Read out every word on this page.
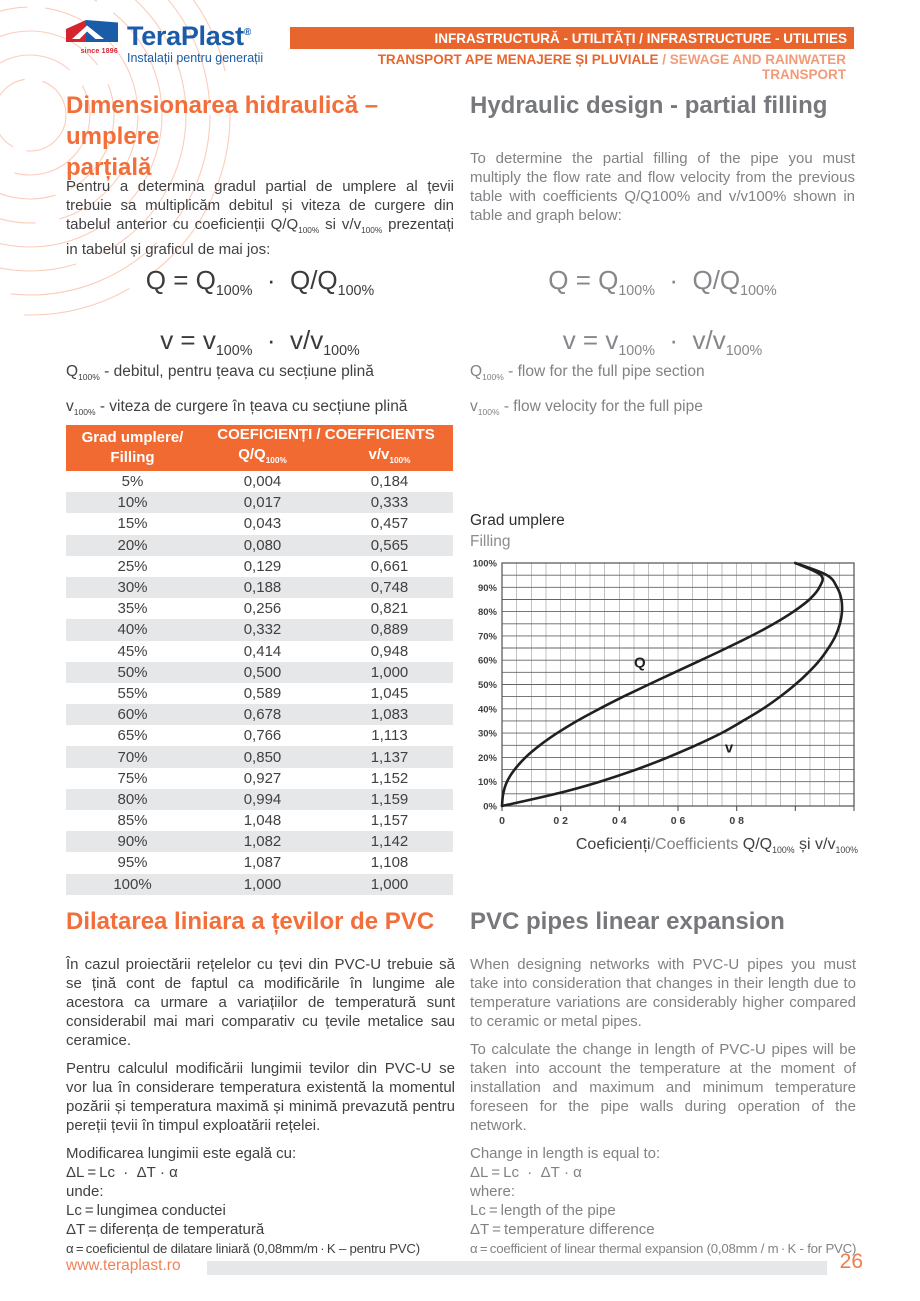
since 1896
TeraPlast®
Instalații pentru generații
INFRASTRUCTURĂ - UTILITĂȚI / INFRASTRUCTURE - UTILITIES
TRANSPORT APE MENAJERE ȘI PLUVIALE / SEWAGE AND RAINWATER TRANSPORT
Dimensionarea hidraulică – umplere
parțială
Hydraulic design - partial filling
Pentru a determina gradul partial de umplere al țevii trebuie sa multiplicăm debitul și viteza de curgere din tabelul anterior cu coeficienții $Q/Q_{100\%}$ si $v/v_{100\%}$ prezentați in tabelul și graficul de mai jos:
To determine the partial filling of the pipe you must multiply the flow rate and flow velocity from the previous table with coefficients Q/Q100% and v/v100% shown in table and graph below:
$Q = Q_{100\%} \cdot Q/Q_{100\%}$
$v = v_{100\%} \cdot v/v_{100\%}$
$Q = Q_{100\%} \cdot Q/Q_{100\%}$
$v = v_{100\%} \cdot v/v_{100\%}$
$Q_{100\%}$ - debitul, pentru țeava cu secțiune plină
$v_{100\%}$ - viteza de curgere în țeava cu secțiune plină
$Q_{100\%}$ - flow for the full pipe section
$v_{100\%}$ - flow velocity for the full pipe
Grad umplere/
Filling	COEFICIENȚI / COEFFICIENTS	
	$Q/Q_{100\%}$	$v/v_{100\%}$
5%	0,004	0,184
10%	0,017	0,333
15%	0,043	0,457
20%	0,080	0,565
25%	0,129	0,661
30%	0,188	0,748
35%	0,256	0,821
40%	0,332	0,889
45%	0,414	0,948
50%	0,500	1,000
55%	0,589	1,045
60%	0,678	1,083
65%	0,766	1,113
70%	0,850	1,137
75%	0,927	1,152
80%	0,994	1,159
85%	1,048	1,157
90%	1,082	1,142
95%	1,087	1,108
100%	1,000	1,000
Grad umplere
Filling
0	0 2	0 4	0 6	0 8
0%
10%
20%
30%
40%
50%
60%
70%
80%
90%
100%
Q
v
Coeficienți/Coefficients $Q/Q_{100\%}$ și $v/v_{100\%}$
Dilatarea liniara a țevilor de PVC	PVC pipes linear expansion

În cazul proiectării rețelelor cu țevi din PVC-U trebuie să se țină cont de faptul ca modificările în lungime ale acestora ca urmare a variațiilor de temperatură sunt considerabil mai mari comparativ cu țevile metalice sau ceramice.

Pentru calculul modificării lungimii tevilor din PVC-U se vor lua în considerare temperatura existentă la momentul pozării și temperatura maximă și minimă prevazută pentru pereții țevii în timpul exploatării rețelei.

Modificarea lungimii este egală cu:
ΔL = Lc  ·  ΔT · α
unde:
Lc = lungimea conductei
ΔT = diferența de temperatură
α = coeficientul de dilatare liniară (0,08mm/m · K – pentru PVC)

When designing networks with PVC-U pipes you must take into consideration that changes in their length due to temperature variations are considerably higher compared to ceramic or metal pipes.

To calculate the change in length of PVC-U pipes will be taken into account the temperature at the moment of installation and maximum and minimum temperature foreseen for the pipe walls during operation of the network.

Change in length is equal to:
ΔL = Lc  ·  ΔT · α
where:
Lc = length of the pipe
ΔT = temperature difference
α = coefficient of linear thermal expansion (0,08mm / m · K - for PVC)
www.teraplast.ro	26
